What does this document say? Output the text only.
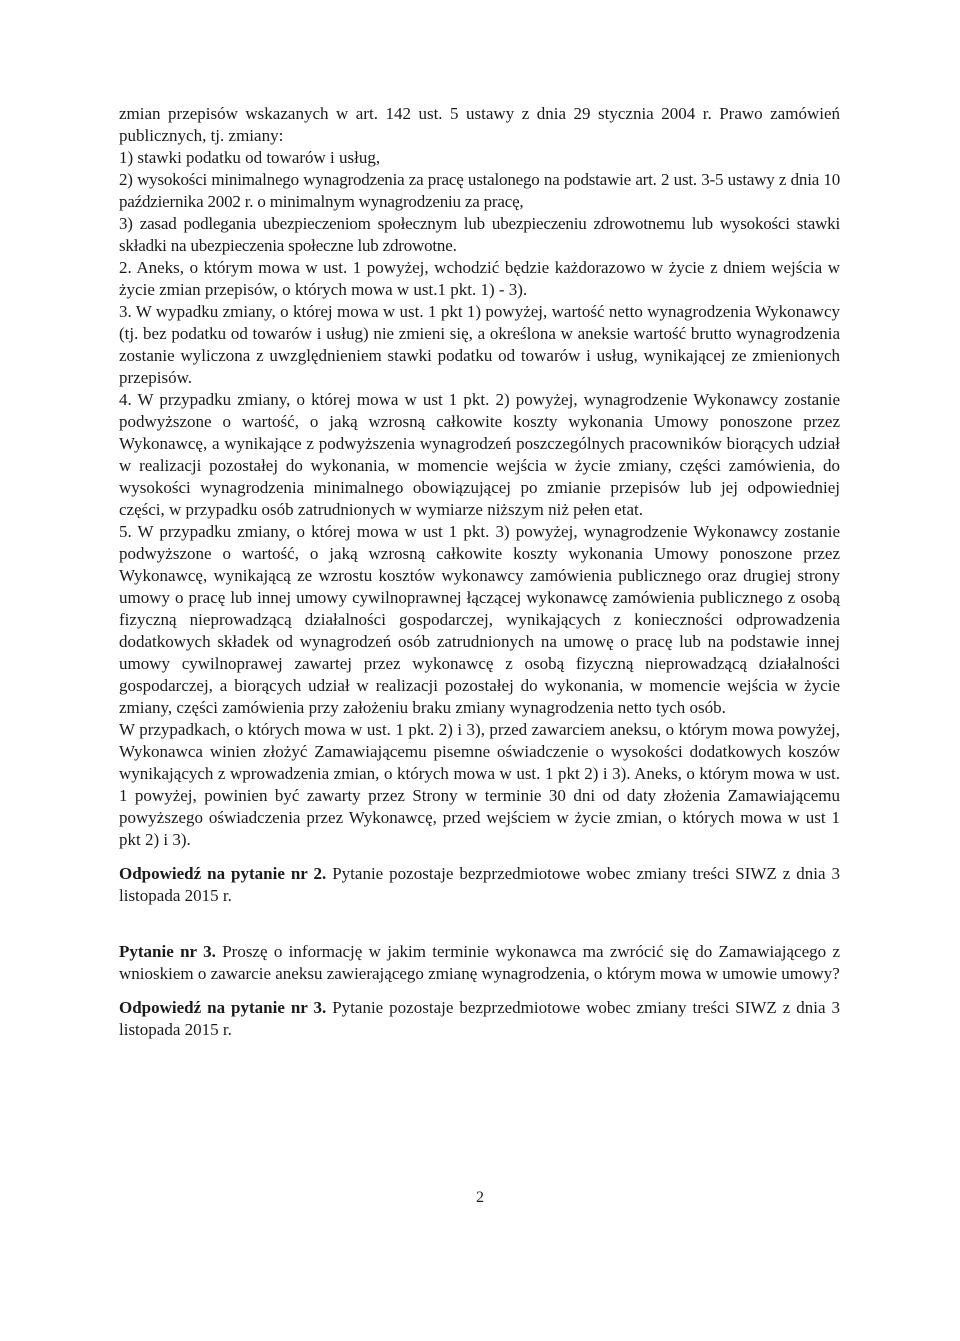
zmian przepisów wskazanych w art. 142 ust. 5 ustawy z dnia 29 stycznia 2004 r. Prawo zamówień publicznych, tj. zmiany:

1) stawki podatku od towarów i usług,

2) wysokości minimalnego wynagrodzenia za pracę ustalonego na podstawie art. 2 ust. 3-5 ustawy z dnia 10 października 2002 r. o minimalnym wynagrodzeniu za pracę,

3) zasad podlegania ubezpieczeniom społecznym lub ubezpieczeniu zdrowotnemu lub wysokości stawki składki na ubezpieczenia społeczne lub zdrowotne.

2. Aneks, o którym mowa w ust. 1 powyżej, wchodzić będzie każdorazowo w życie z dniem wejścia w życie zmian przepisów, o których mowa w ust.1 pkt. 1) - 3).

3. W wypadku zmiany, o której mowa w ust. 1 pkt 1) powyżej, wartość netto wynagrodzenia Wykonawcy (tj. bez podatku od towarów i usług) nie zmieni się, a określona w aneksie wartość brutto wynagrodzenia zostanie wyliczona z uwzględnieniem stawki podatku od towarów i usług, wynikającej ze zmienionych przepisów.

4. W przypadku zmiany, o której mowa w ust 1 pkt. 2) powyżej, wynagrodzenie Wykonawcy zostanie podwyższone o wartość, o jaką wzrosną całkowite koszty wykonania Umowy ponoszone przez Wykonawcę, a wynikające z podwyższenia wynagrodzeń poszczególnych pracowników biorących udział w realizacji pozostałej do wykonania, w momencie wejścia w życie zmiany, części zamówienia, do wysokości wynagrodzenia minimalnego obowiązującej po zmianie przepisów lub jej odpowiedniej części, w przypadku osób zatrudnionych w wymiarze niższym niż pełen etat.

5. W przypadku zmiany, o której mowa w ust 1 pkt. 3) powyżej, wynagrodzenie Wykonawcy zostanie podwyższone o wartość, o jaką wzrosną całkowite koszty wykonania Umowy ponoszone przez Wykonawcę, wynikającą ze wzrostu kosztów wykonawcy zamówienia publicznego oraz drugiej strony umowy o pracę lub innej umowy cywilnoprawnej łączącej wykonawcę zamówienia publicznego z osobą fizyczną nieprowadzącą działalności gospodarczej, wynikających z konieczności odprowadzenia dodatkowych składek od wynagrodzeń osób zatrudnionych na umowę o pracę lub na podstawie innej umowy cywilnoprawej zawartej przez wykonawcę z osobą fizyczną nieprowadzącą działalności gospodarczej, a biorących udział w realizacji pozostałej do wykonania, w momencie wejścia w życie zmiany, części zamówienia przy założeniu braku zmiany wynagrodzenia netto tych osób.

W przypadkach, o których mowa w ust. 1 pkt. 2) i 3), przed zawarciem aneksu, o którym mowa powyżej, Wykonawca winien złożyć Zamawiającemu pisemne oświadczenie o wysokości dodatkowych koszów wynikających z wprowadzenia zmian, o których mowa w ust. 1 pkt 2) i 3). Aneks, o którym mowa w ust. 1 powyżej, powinien być zawarty przez Strony w terminie 30 dni od daty złożenia Zamawiającemu powyższego oświadczenia przez Wykonawcę, przed wejściem w życie zmian, o których mowa w ust 1 pkt 2) i 3).

Odpowiedź na pytanie nr 2. Pytanie pozostaje bezprzedmiotowe wobec zmiany treści SIWZ z dnia 3 listopada 2015 r.

Pytanie nr 3. Proszę o informację w jakim terminie wykonawca ma zwrócić się do Zamawiającego z wnioskiem o zawarcie aneksu zawierającego zmianę wynagrodzenia, o którym mowa w umowie umowy?

Odpowiedź na pytanie nr 3. Pytanie pozostaje bezprzedmiotowe wobec zmiany treści SIWZ z dnia 3 listopada 2015 r.

2
